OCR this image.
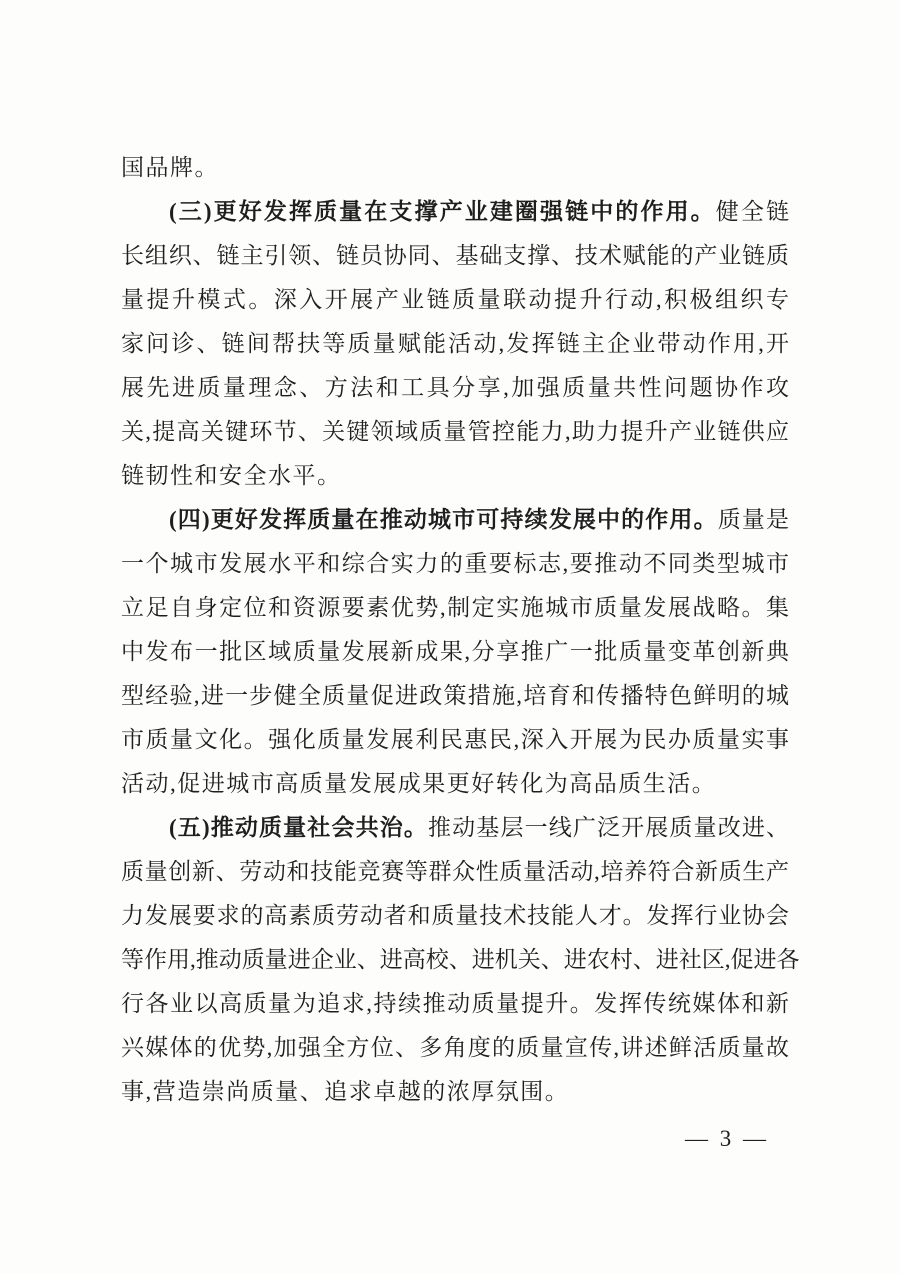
国品牌。
(三)更好发挥质量在支撑产业建圈强链中的作用。健全链
长组织、链主引领、链员协同、基础支撑、技术赋能的产业链质
量提升模式。深入开展产业链质量联动提升行动,积极组织专
家问诊、链间帮扶等质量赋能活动,发挥链主企业带动作用,开
展先进质量理念、方法和工具分享,加强质量共性问题协作攻
关,提高关键环节、关键领域质量管控能力,助力提升产业链供应
链韧性和安全水平。
(四)更好发挥质量在推动城市可持续发展中的作用。质量是
一个城市发展水平和综合实力的重要标志,要推动不同类型城市
立足自身定位和资源要素优势,制定实施城市质量发展战略。集
中发布一批区域质量发展新成果,分享推广一批质量变革创新典
型经验,进一步健全质量促进政策措施,培育和传播特色鲜明的城
市质量文化。强化质量发展利民惠民,深入开展为民办质量实事
活动,促进城市高质量发展成果更好转化为高品质生活。
(五)推动质量社会共治。推动基层一线广泛开展质量改进、
质量创新、劳动和技能竞赛等群众性质量活动,培养符合新质生产
力发展要求的高素质劳动者和质量技术技能人才。发挥行业协会
等作用,推动质量进企业、进高校、进机关、进农村、进社区,促进各
行各业以高质量为追求,持续推动质量提升。发挥传统媒体和新
兴媒体的优势,加强全方位、多角度的质量宣传,讲述鲜活质量故
事,营造崇尚质量、追求卓越的浓厚氛围。
— 3 —
